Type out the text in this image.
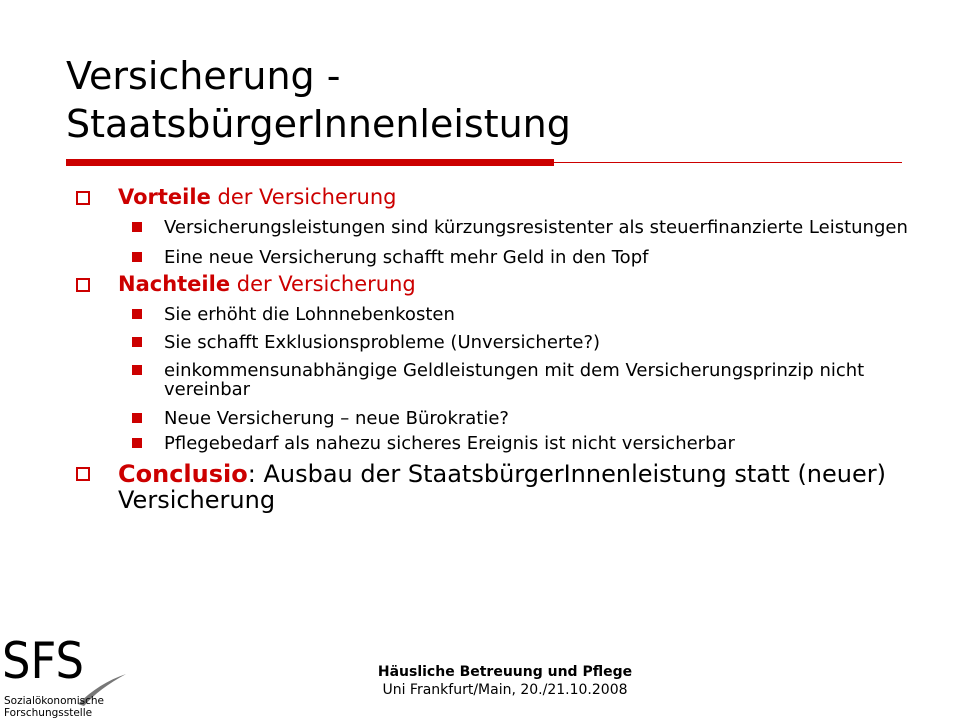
Versicherung -
StaatsbürgerInnenleistung

Vorteile der Versicherung

Versicherungsleistungen sind kürzungsresistenter als steuerfinanzierte Leistungen

Eine neue Versicherung schafft mehr Geld in den Topf

Nachteile der Versicherung

Sie erhöht die Lohnnebenkosten

Sie schafft Exklusionsprobleme (Unversicherte?)

einkommensunabhängige Geldleistungen mit dem Versicherungsprinzip nicht vereinbar

Neue Versicherung – neue Bürokratie?

Pflegebedarf als nahezu sicheres Ereignis ist nicht versicherbar

Conclusio: Ausbau der StaatsbürgerInnenleistung statt (neuer) Versicherung

Häusliche Betreuung und Pflege
Uni Frankfurt/Main, 20./21.10.2008
SFS
Sozialökonomische
Forschungsstelle
